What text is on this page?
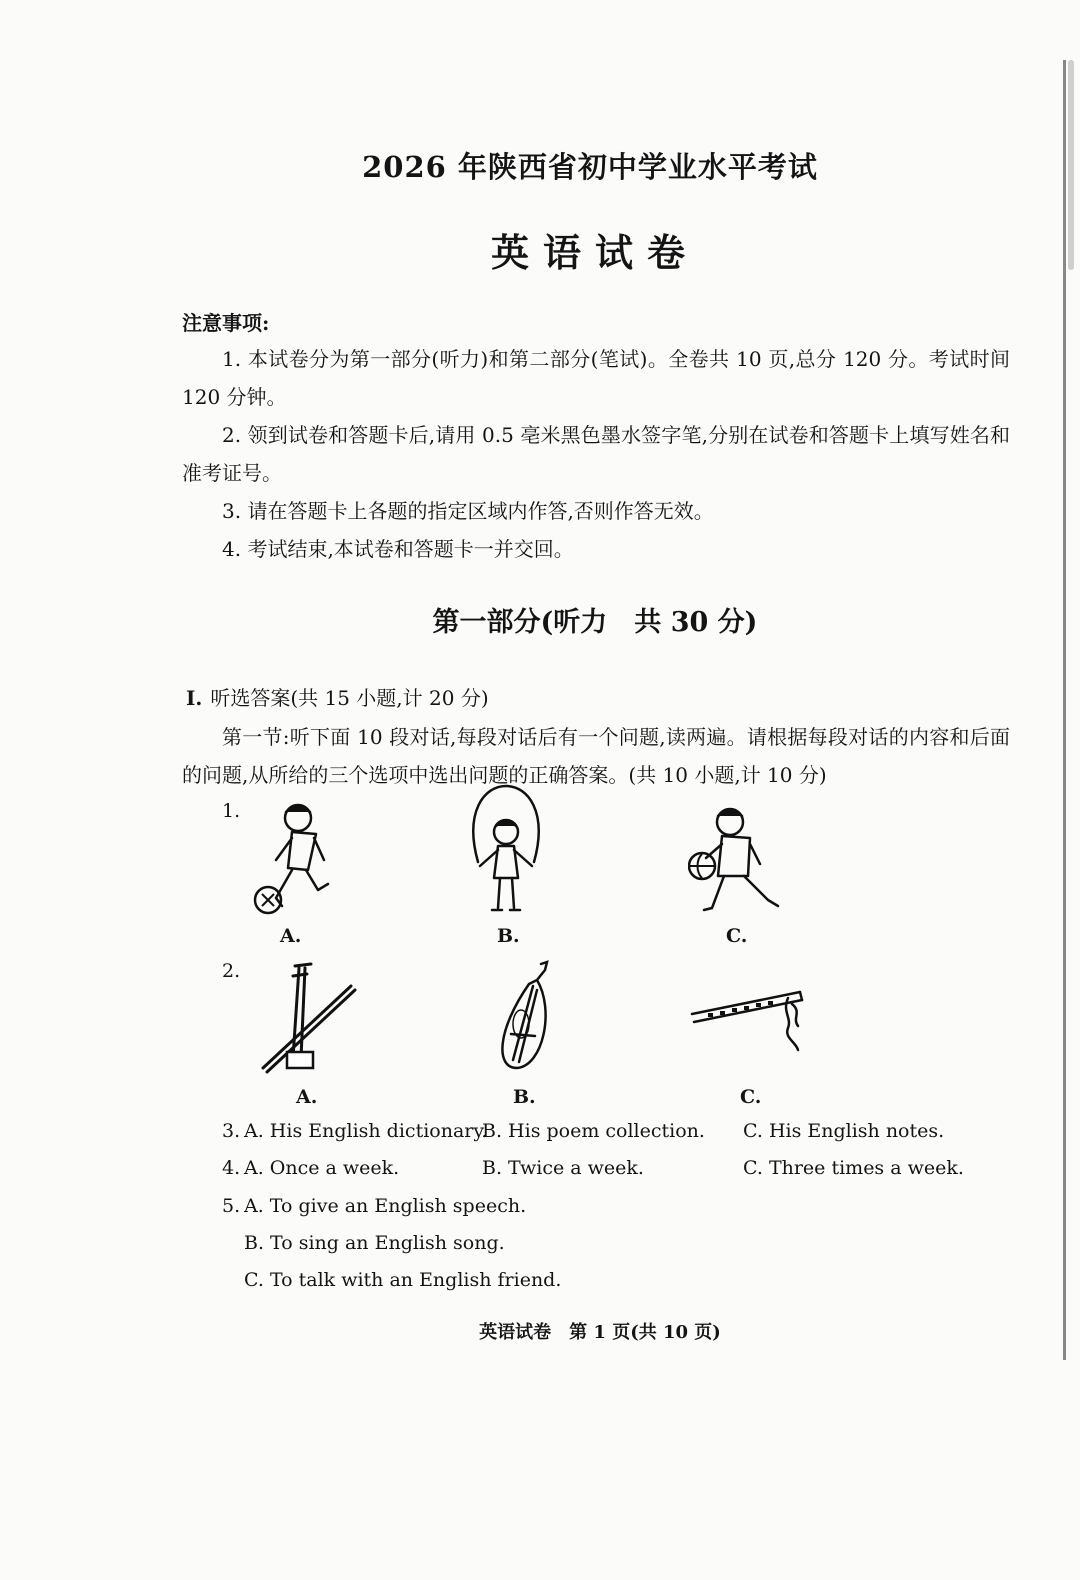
2026 年陕西省初中学业水平考试
英语试卷
注意事项:
1. 本试卷分为第一部分(听力)和第二部分(笔试)。全卷共 10 页,总分 120 分。考试时间 120 分钟。
2. 领到试卷和答题卡后,请用 0.5 亳米黑色墨水签字笔,分别在试卷和答题卡上填写姓名和准考证号。
3. 请在答题卡上各题的指定区域内作答,否则作答无效。
4. 考试结束,本试卷和答题卡一并交回。
第一部分(听力　共 30 分)
Ⅰ. 听选答案(共 15 小题,计 20 分)
第一节:听下面 10 段对话,每段对话后有一个问题,读两遍。请根据每段对话的内容和后面的问题,从所给的三个选项中选出问题的正确答案。(共 10 小题,计 10 分)
1.
A.	B.	C.
2.
A.	B.	C.
3. A. His English dictionary.
B. His poem collection. C. His English notes.
4. A. Once a week.	B. Twice a week.	C. Three times a week.
5. A. To give an English speech.
B. To sing an English song.
C. To talk with an English friend.
英语试卷　第 1 页(共 10 页)
